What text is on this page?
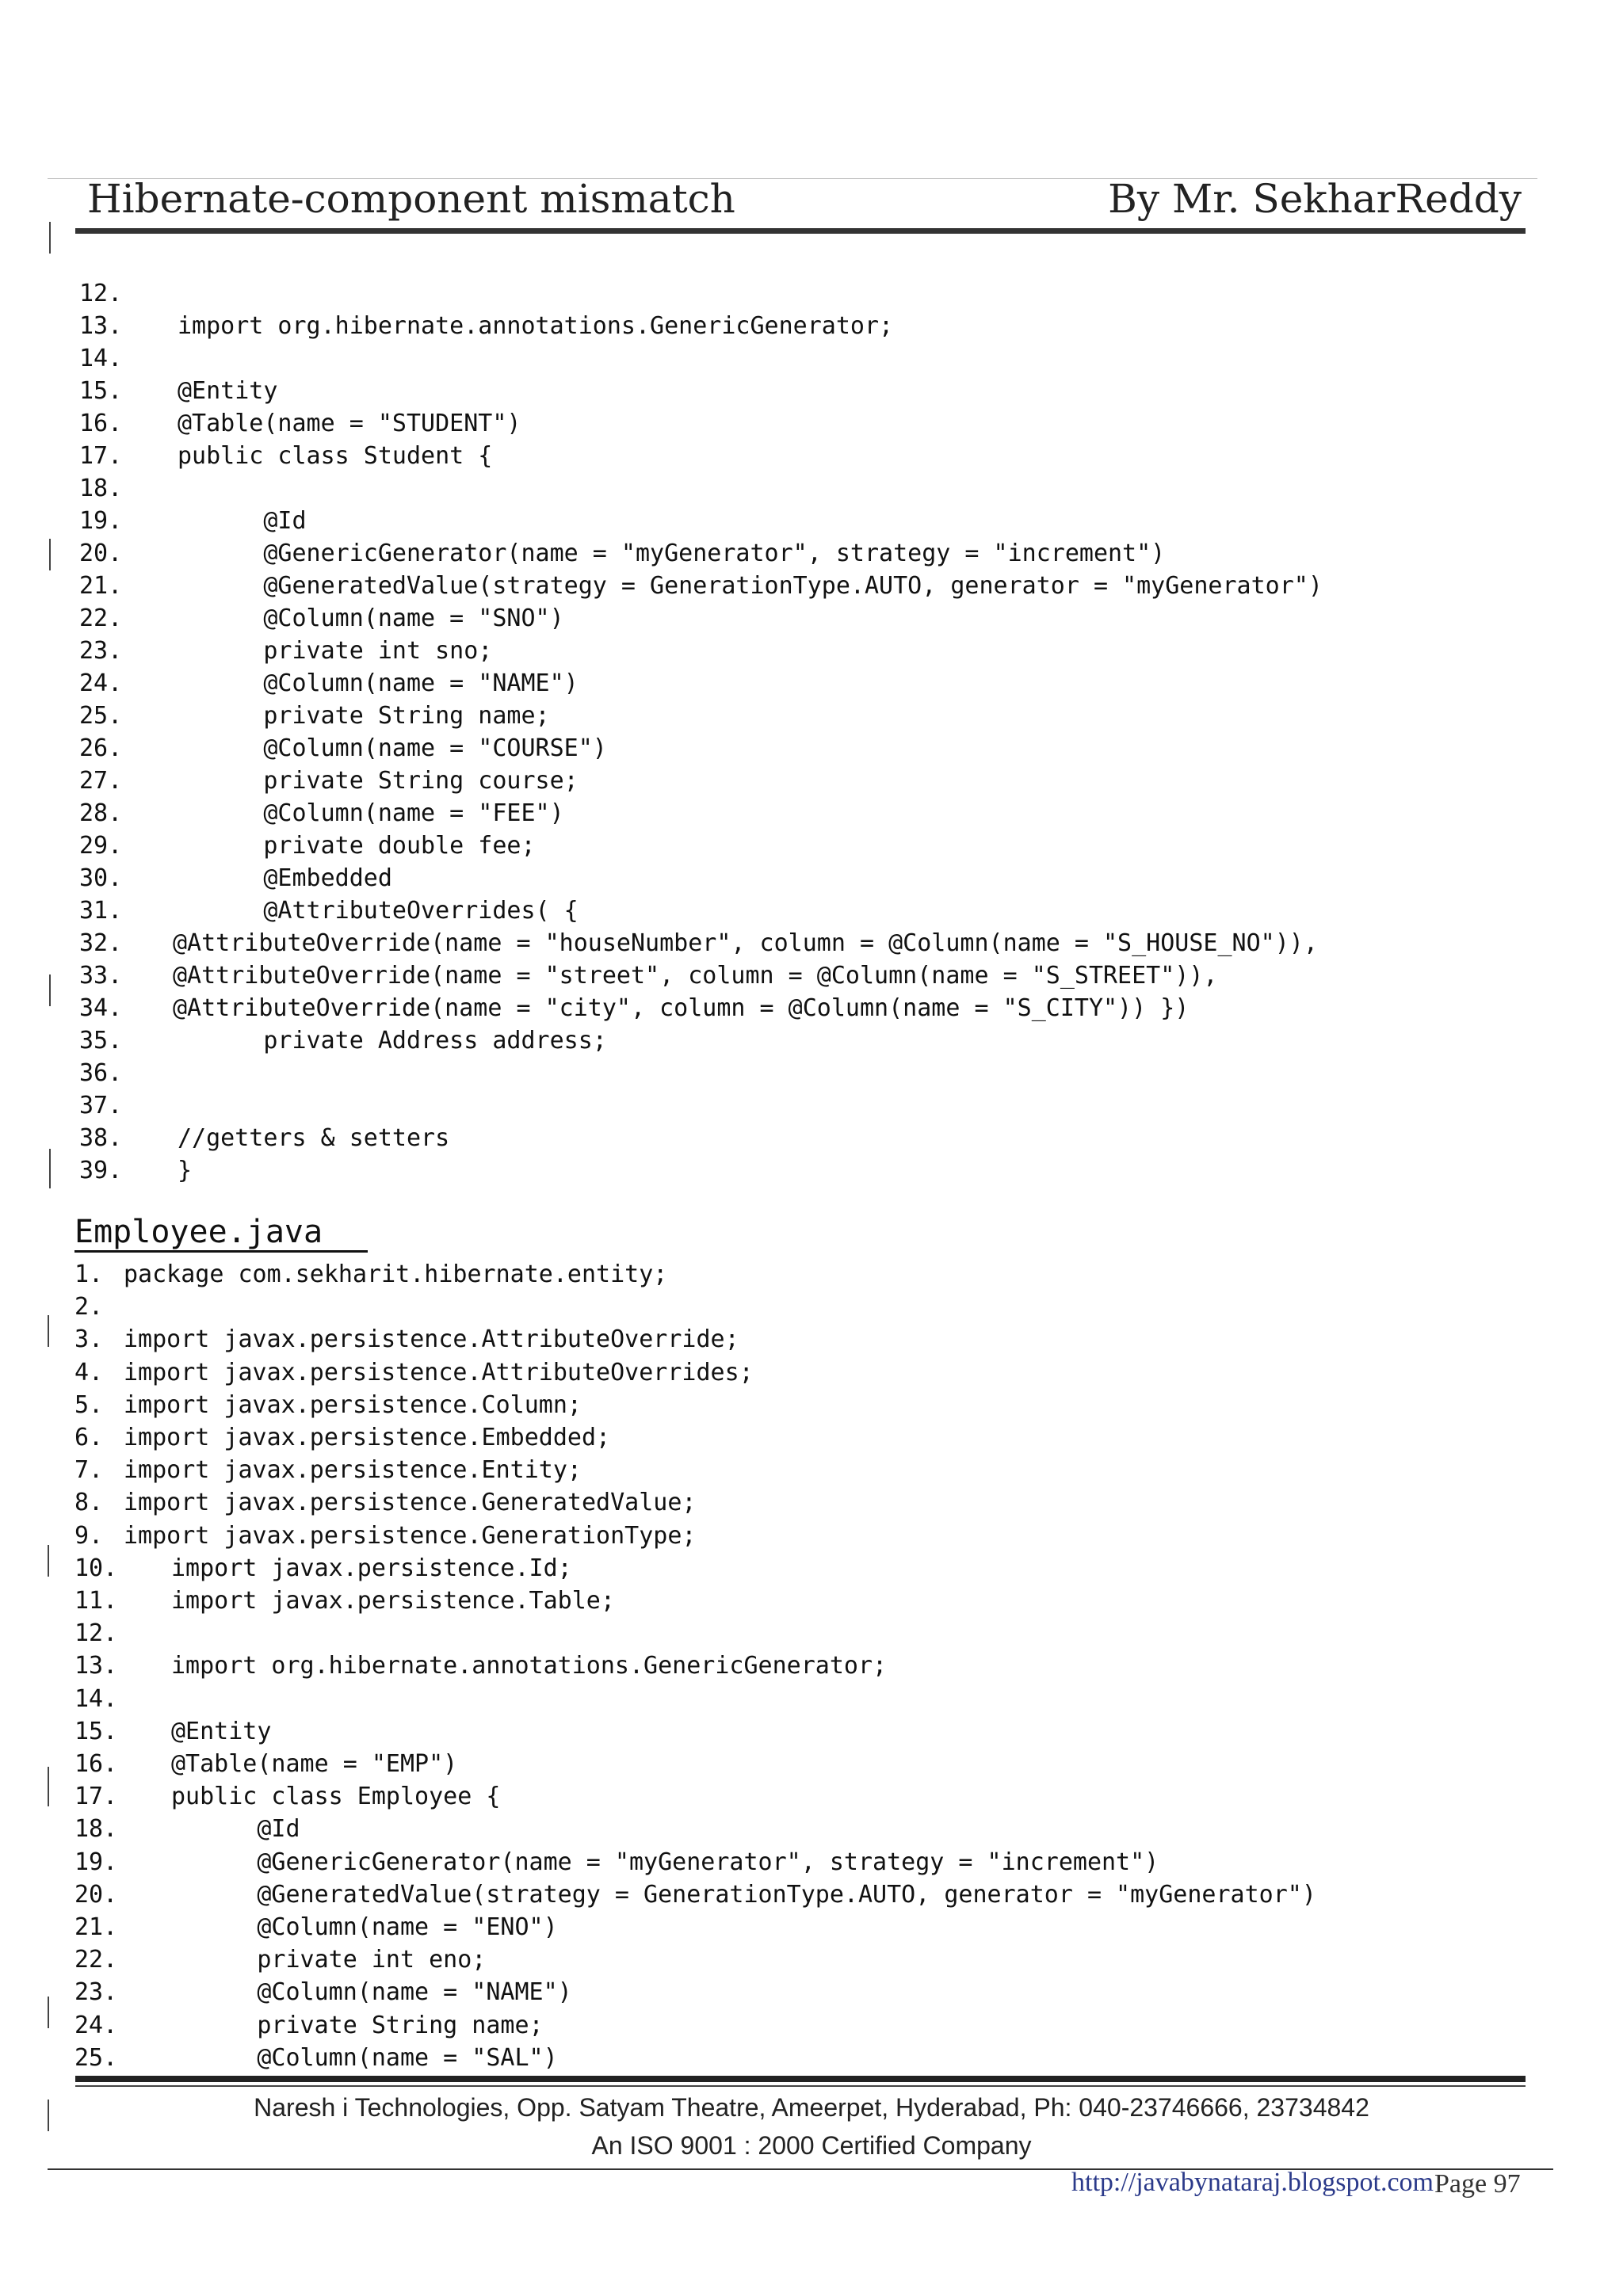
Hibernate-component mismatch	By Mr. SekharReddy
12.
13. import org.hibernate.annotations.GenericGenerator;
14.
15. @Entity
16. @Table(name = "STUDENT")
17. public class Student {
18.
19. @Id
20. @GenericGenerator(name = "myGenerator", strategy = "increment")
21. @GeneratedValue(strategy = GenerationType.AUTO, generator = "myGenerator")
22. @Column(name = "SNO")
23. private int sno;
24. @Column(name = "NAME")
25. private String name;
26. @Column(name = "COURSE")
27. private String course;
28. @Column(name = "FEE")
29. private double fee;
30. @Embedded
31. @AttributeOverrides( {
32. @AttributeOverride(name = "houseNumber", column = @Column(name = "S_HOUSE_NO")),
33. @AttributeOverride(name = "street", column = @Column(name = "S_STREET")),
34. @AttributeOverride(name = "city", column = @Column(name = "S_CITY")) })
35. private Address address;
36.
37.
38. //getters & setters
39. }
Employee.java
1. package com.sekharit.hibernate.entity;
2.
3. import javax.persistence.AttributeOverride;
4. import javax.persistence.AttributeOverrides;
5. import javax.persistence.Column;
6. import javax.persistence.Embedded;
7. import javax.persistence.Entity;
8. import javax.persistence.GeneratedValue;
9. import javax.persistence.GenerationType;
10. import javax.persistence.Id;
11. import javax.persistence.Table;
12.
13. import org.hibernate.annotations.GenericGenerator;
14.
15. @Entity
16. @Table(name = "EMP")
17. public class Employee {
18. @Id
19. @GenericGenerator(name = "myGenerator", strategy = "increment")
20. @GeneratedValue(strategy = GenerationType.AUTO, generator = "myGenerator")
21. @Column(name = "ENO")
22. private int eno;
23. @Column(name = "NAME")
24. private String name;
25. @Column(name = "SAL")
Naresh i Technologies, Opp. Satyam Theatre, Ameerpet, Hyderabad, Ph: 040-23746666, 23734842
An ISO 9001 : 2000 Certified Company
http://javabynataraj.blogspot.com Page 97
